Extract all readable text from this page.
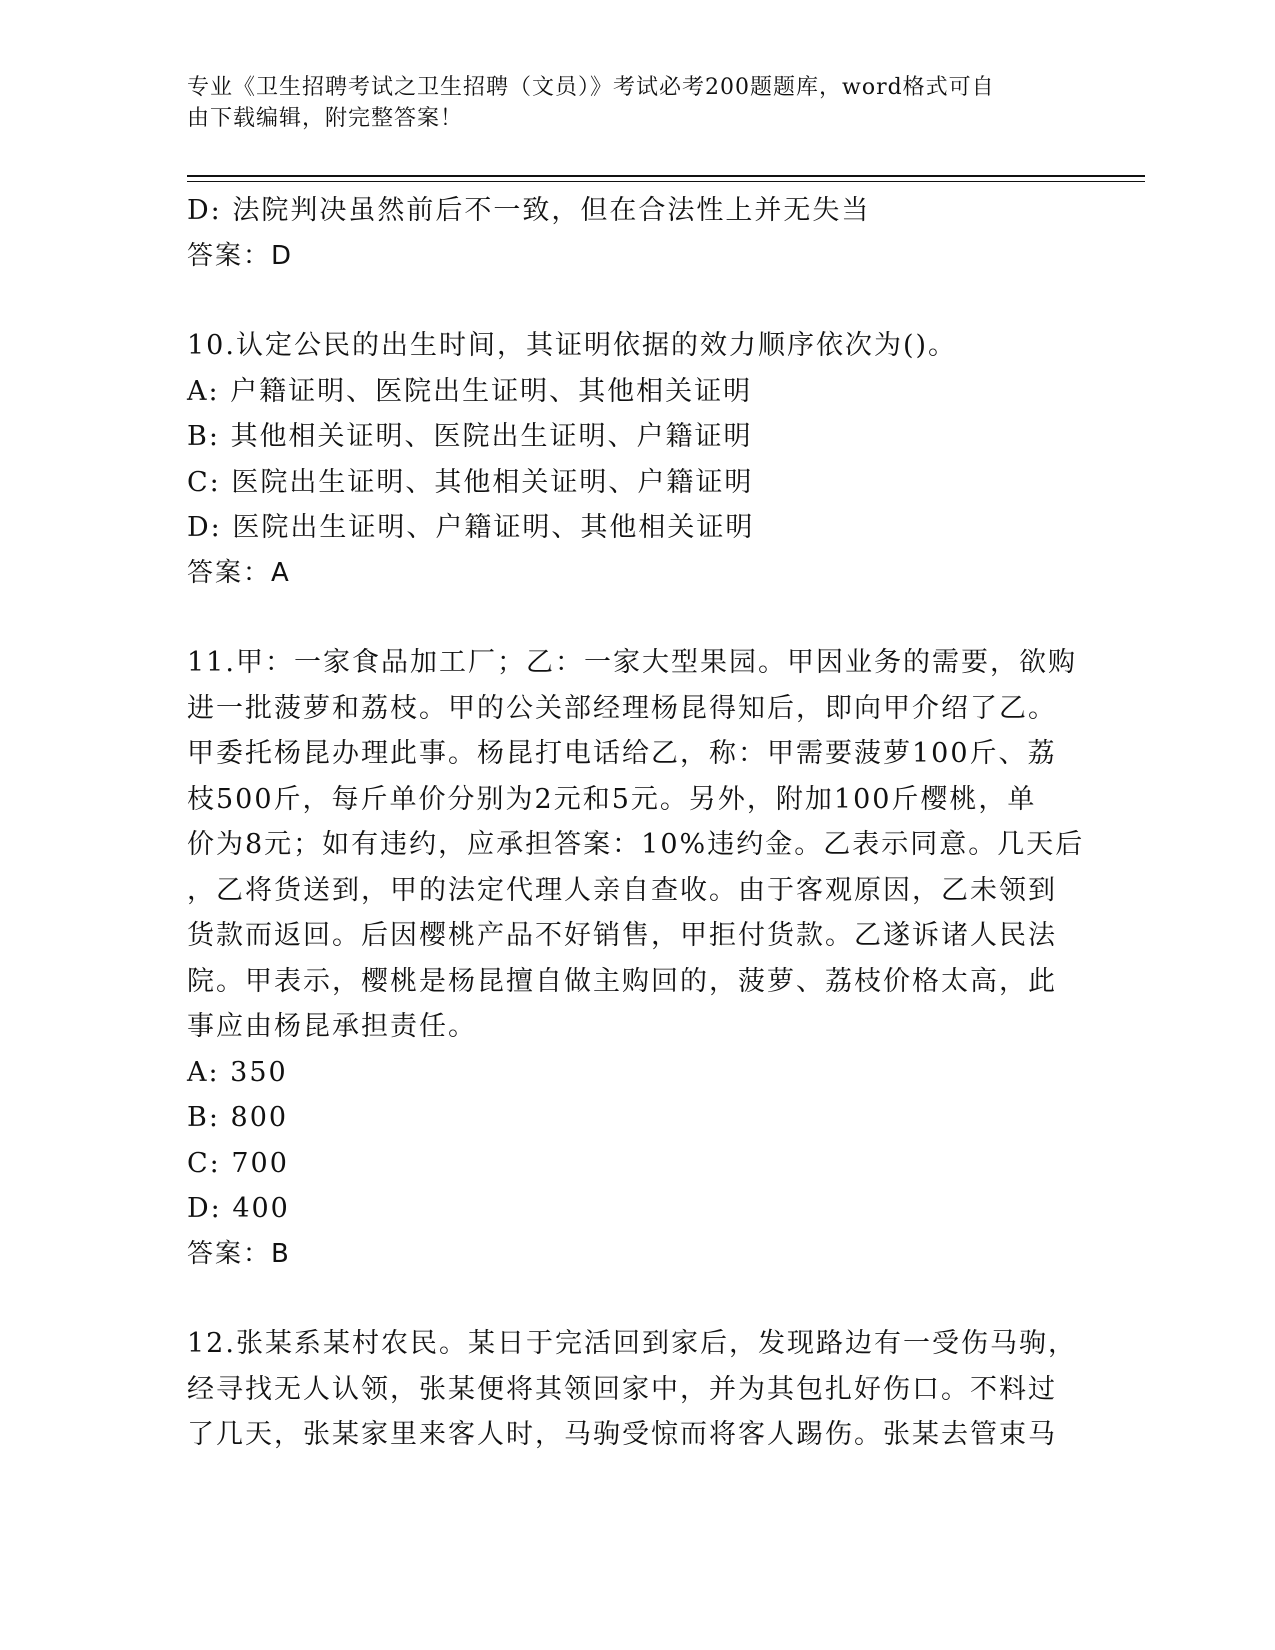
专业《卫生招聘考试之卫生招聘（文员）》考试必考200题题库，word格式可自
由下载编辑，附完整答案！
D: 法院判决虽然前后不一致，但在合法性上并无失当
答案：D
10.认定公民的出生时间，其证明依据的效力顺序依次为()。
A: 户籍证明、医院出生证明、其他相关证明
B: 其他相关证明、医院出生证明、户籍证明
C: 医院出生证明、其他相关证明、户籍证明
D: 医院出生证明、户籍证明、其他相关证明
答案：A
11.甲：一家食品加工厂；乙：一家大型果园。甲因业务的需要，欲购
进一批菠萝和荔枝。甲的公关部经理杨昆得知后，即向甲介绍了乙。
甲委托杨昆办理此事。杨昆打电话给乙，称：甲需要菠萝100斤、荔
枝500斤，每斤单价分别为2元和5元。另外，附加100斤樱桃，单
价为8元；如有违约，应承担答案：10%违约金。乙表示同意。几天后
，乙将货送到，甲的法定代理人亲自查收。由于客观原因，乙未领到
货款而返回。后因樱桃产品不好销售，甲拒付货款。乙遂诉诸人民法
院。甲表示，樱桃是杨昆擅自做主购回的，菠萝、荔枝价格太高，此
事应由杨昆承担责任。
A: 350
B: 800
C: 700
D: 400
答案：B
12.张某系某村农民。某日于完活回到家后，发现路边有一受伤马驹，
经寻找无人认领，张某便将其领回家中，并为其包扎好伤口。不料过
了几天，张某家里来客人时，马驹受惊而将客人踢伤。张某去管束马
